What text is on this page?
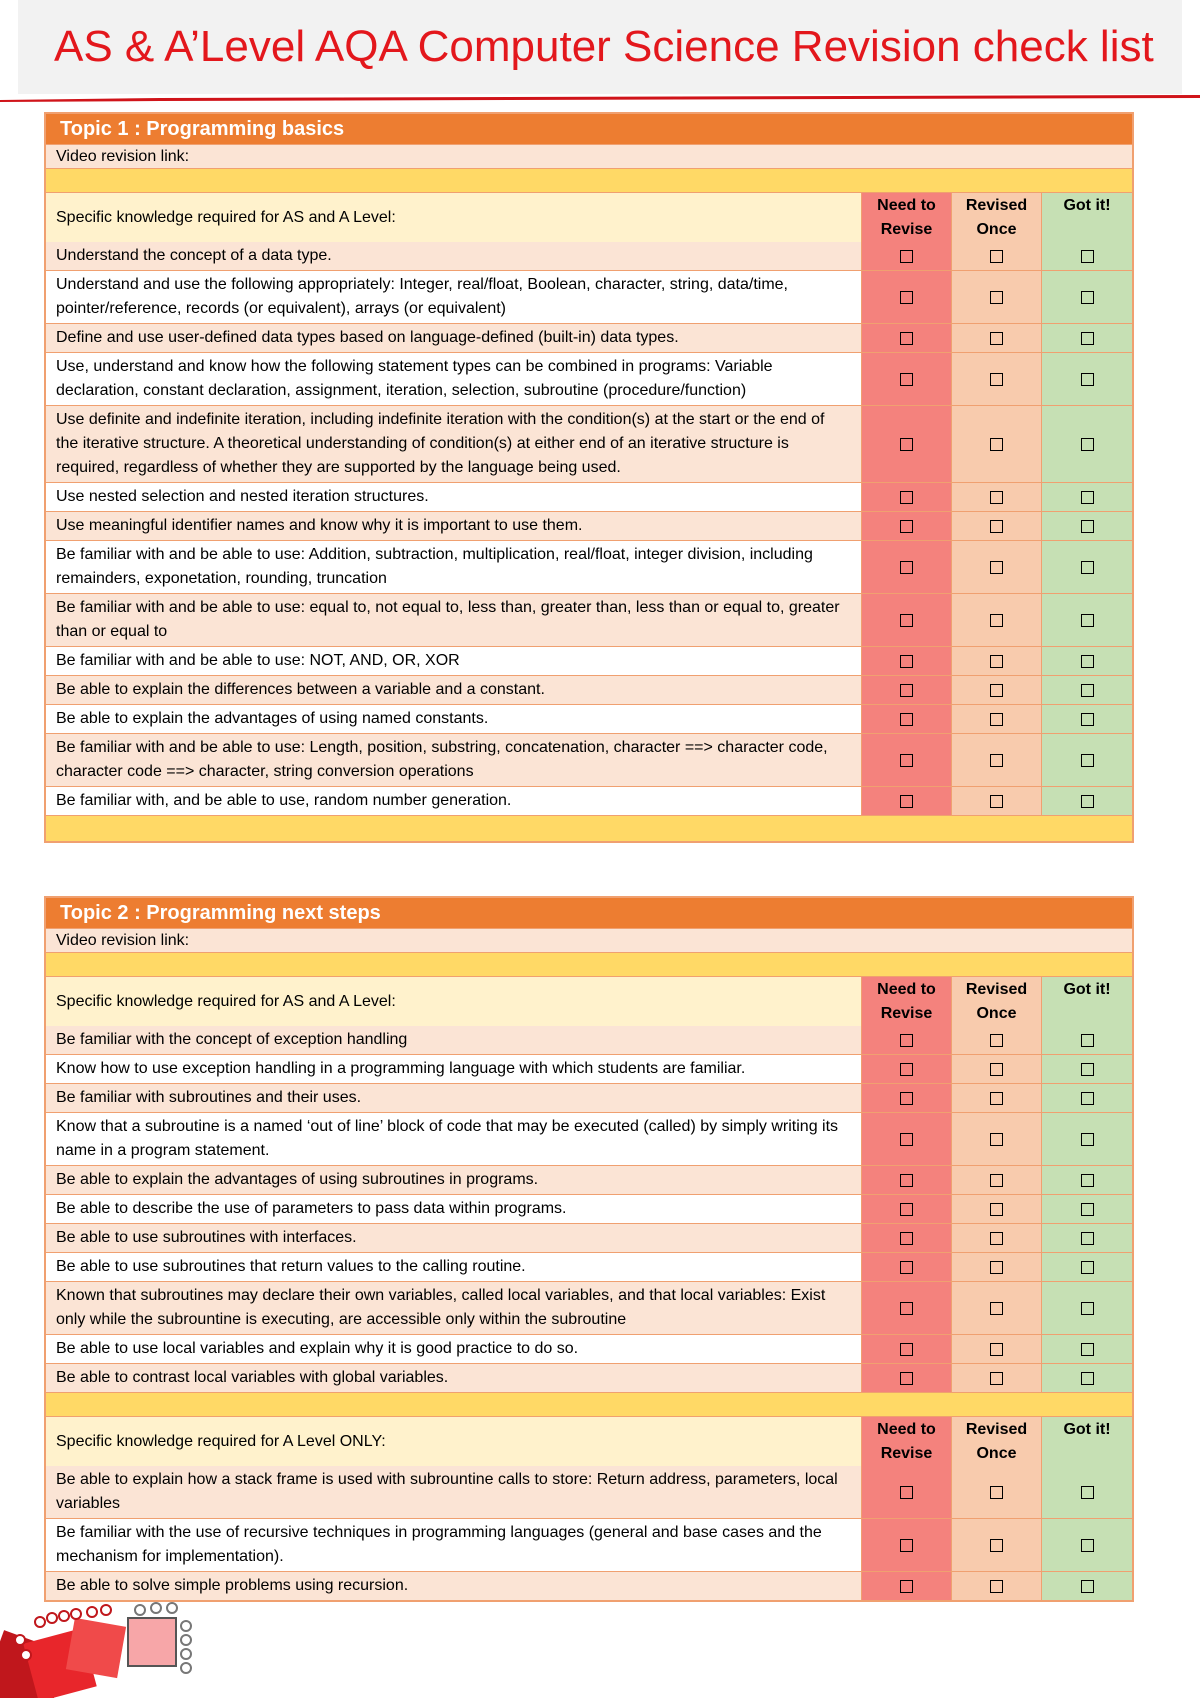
AS & A’Level AQA Computer Science Revision check list
Topic 1 : Programming basics
Video revision link:
Specific knowledge required for AS and A Level:
Need to Revise
Revised Once
Got it!
Understand the concept of a data type.
Understand and use the following appropriately: Integer, real/float, Boolean, character, string, data/time, pointer/reference, records (or equivalent), arrays (or equivalent)
Define and use user-defined data types based on language-defined (built-in) data types.
Use, understand and know how the following statement types can be combined in programs: Variable declaration, constant declaration, assignment, iteration, selection, subroutine (procedure/function)
Use definite and indefinite iteration, including indefinite iteration with the condition(s) at the start or the end of the iterative structure. A theoretical understanding of condition(s) at either end of an iterative structure is required, regardless of whether they are supported by the language being used.
Use nested selection and nested iteration structures.
Use meaningful identifier names and know why it is important to use them.
Be familiar with and be able to use: Addition, subtraction, multiplication, real/float, integer division, including remainders, exponetation, rounding, truncation
Be familiar with and be able to use: equal to, not equal to, less than, greater than, less than or equal to, greater than or equal to
Be familiar with and be able to use: NOT, AND, OR, XOR
Be able to explain the differences between a variable and a constant.
Be able to explain the advantages of using named constants.
Be familiar with and be able to use: Length, position, substring, concatenation, character ==> character code, character code ==> character, string conversion operations
Be familiar with, and be able to use, random number generation.
Topic 2 : Programming next steps
Video revision link:
Specific knowledge required for AS and A Level:
Need to Revise
Revised Once
Got it!
Be familiar with the concept of exception handling
Know how to use exception handling in a programming language with which students are familiar.
Be familiar with subroutines and their uses.
Know that a subroutine is a named ‘out of line’ block of code that may be executed (called) by simply writing its name in a program statement.
Be able to explain the advantages of using subroutines in programs.
Be able to describe the use of parameters to pass data within programs.
Be able to use subroutines with interfaces.
Be able to use subroutines that return values to the calling routine.
Known that subroutines may declare their own variables, called local variables, and that local variables: Exist only while the subrountine is executing, are accessible only within the subroutine
Be able to use local variables and explain why it is good practice to do so.
Be able to contrast local variables with global variables.
Specific knowledge required for A Level ONLY:
Need to Revise
Revised Once
Got it!
Be able to explain how a stack frame is used with subrountine calls to store: Return address, parameters, local variables
Be familiar with the use of recursive techniques in programming languages (general and base cases and the mechanism for implementation).
Be able to solve simple problems using recursion.
